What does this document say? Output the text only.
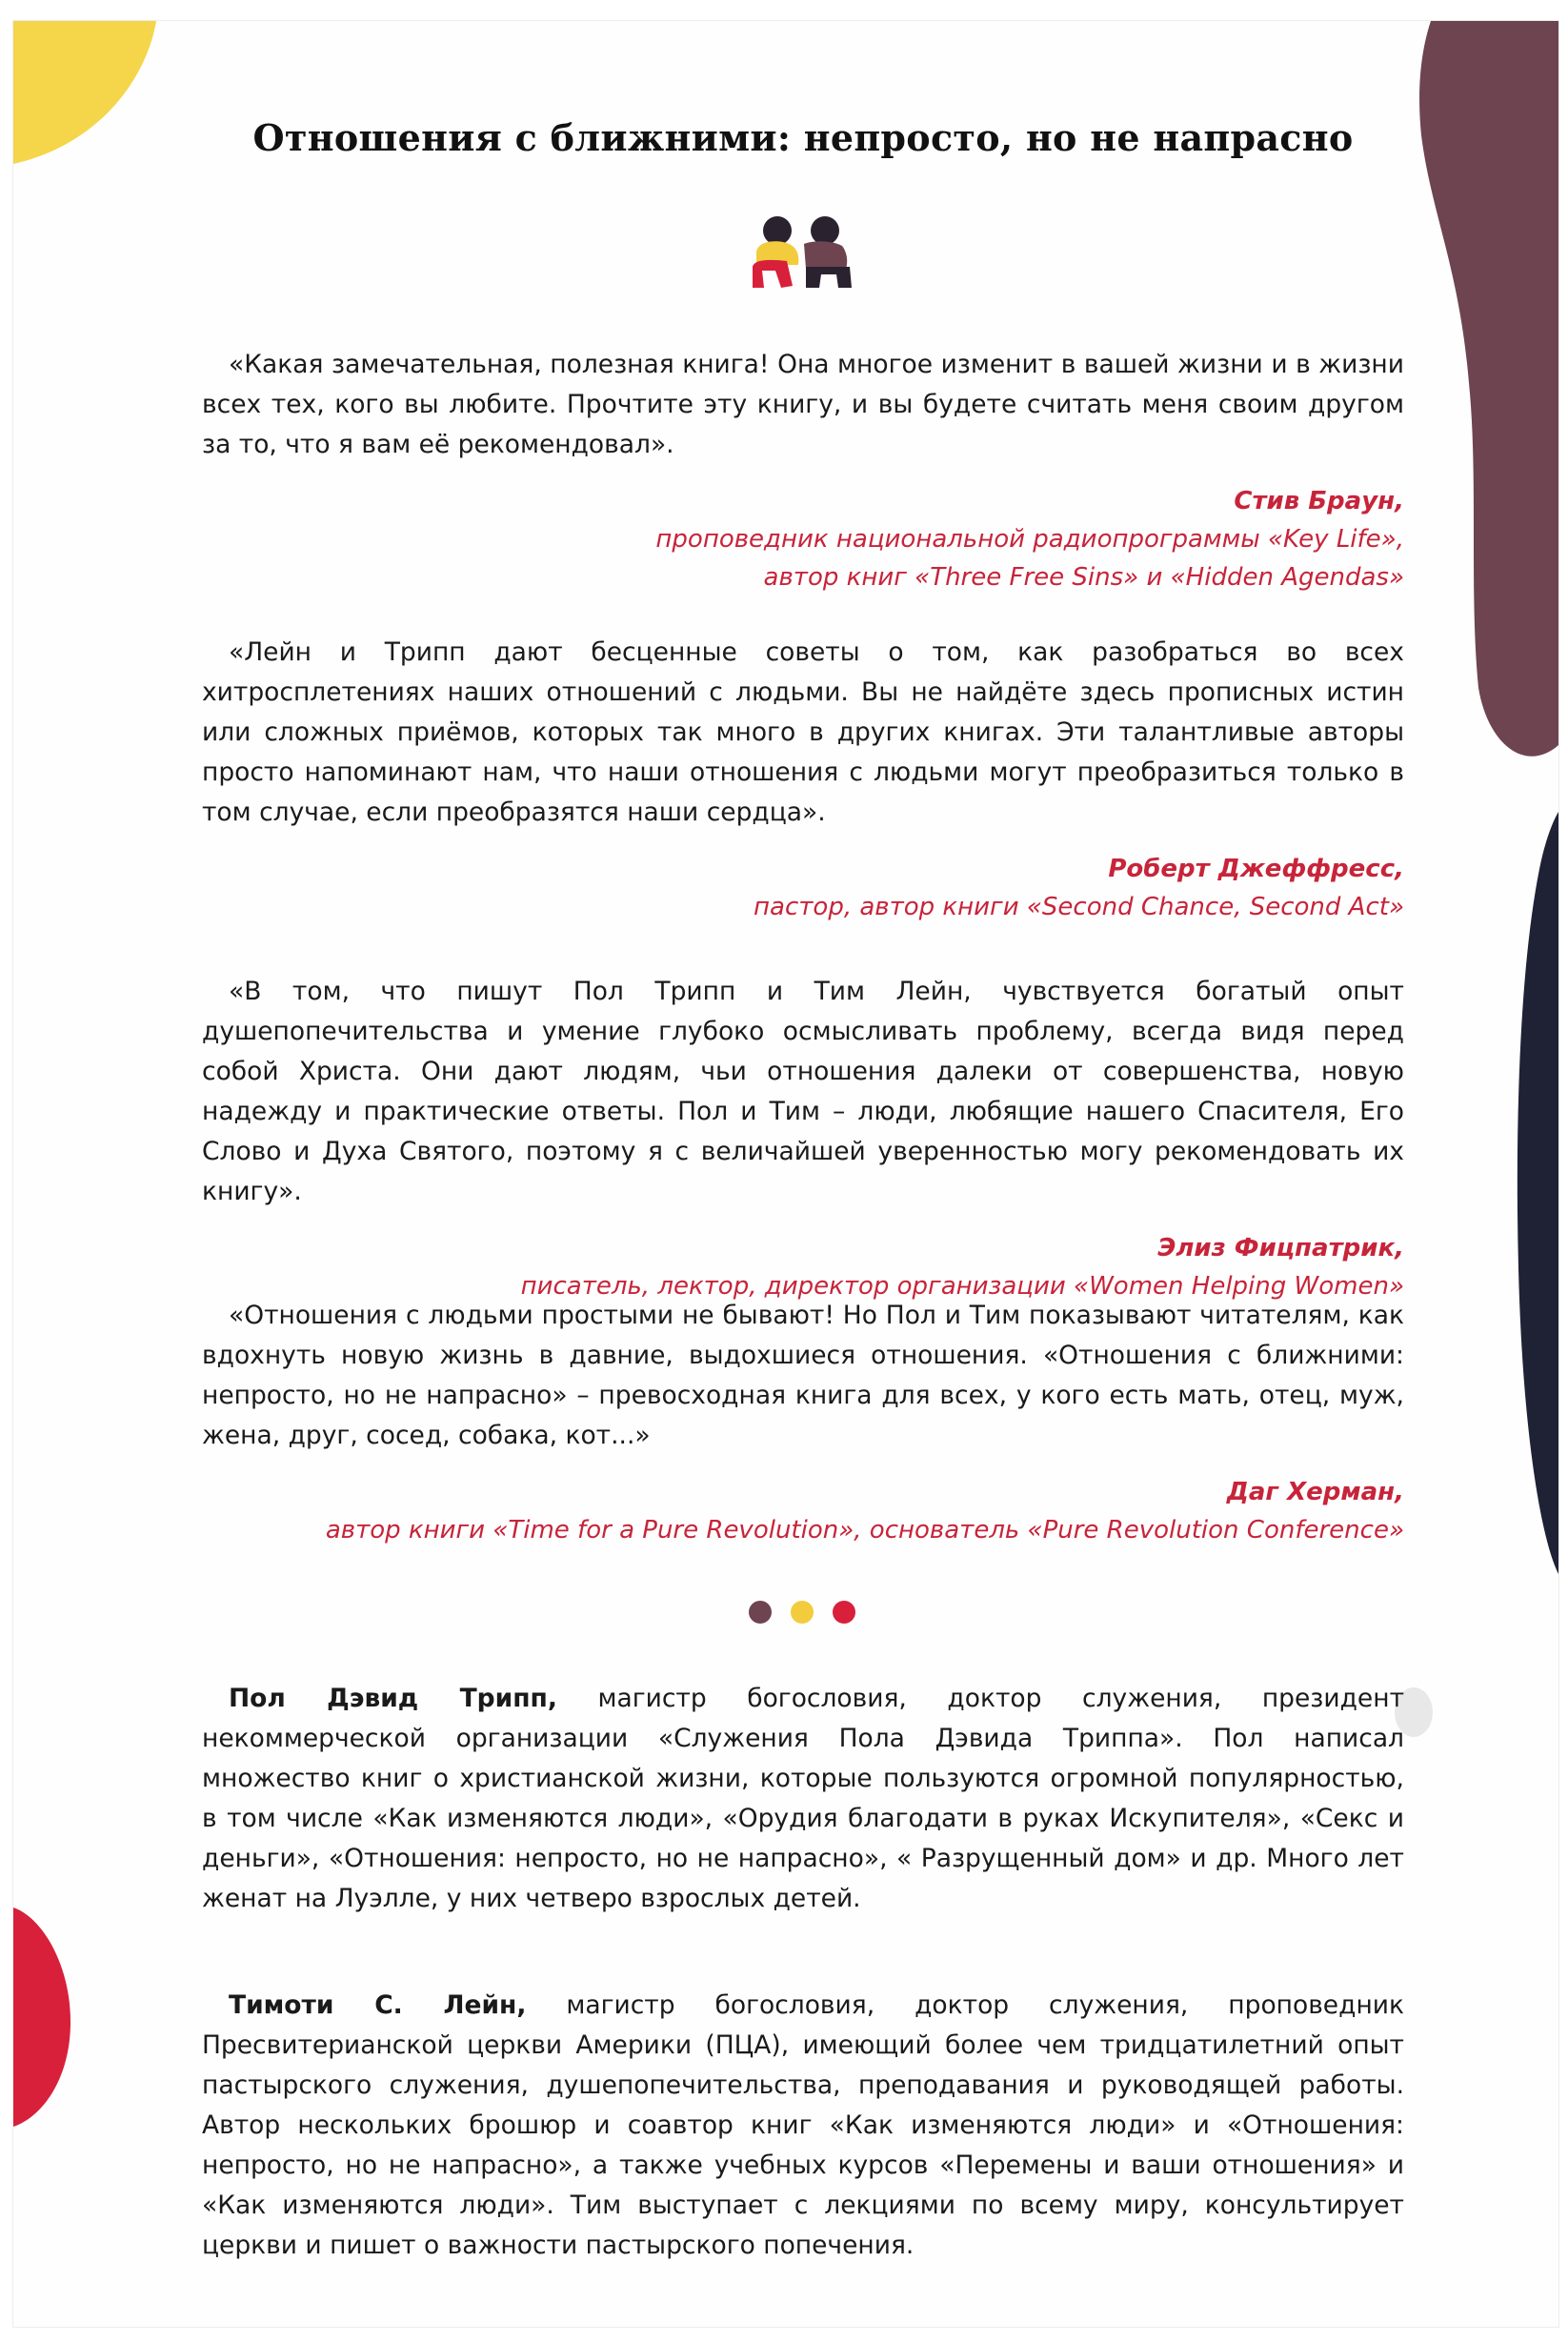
Отношения с ближними: непросто, но не напрасно

«Какая замечательная, полезная книга! Она многое изменит в вашей жизни и в жизни всех тех, кого вы любите. Прочтите эту книгу, и вы будете считать меня своим другом за то, что я вам её рекомендовал».

Стив Браун,
проповедник национальной радиопрограммы «Key Life»,
автор книг «Three Free Sins» и «Hidden Agendas»

«Лейн и Трипп дают бесценные советы о том, как разобраться во всех хитросплетениях наших отношений с людьми. Вы не найдёте здесь прописных истин или сложных приёмов, которых так много в других книгах. Эти талантливые авторы просто напоминают нам, что наши отношения с людьми могут преобразиться только в том случае, если преобразятся наши сердца».

Роберт Джеффресс,
пастор, автор книги «Second Chance, Second Act»

«В том, что пишут Пол Трипп и Тим Лейн, чувствуется богатый опыт душепопечительства и умение глубоко осмысливать проблему, всегда видя перед собой Христа. Они дают людям, чьи отношения далеки от совершенства, новую надежду и практические ответы. Пол и Тим – люди, любящие нашего Спасителя, Его Слово и Духа Святого, поэтому я с величайшей уверенностью могу рекомендовать их книгу».

Элиз Фицпатрик,
писатель, лектор, директор организации «Women Helping Women»

«Отношения с людьми простыми не бывают! Но Пол и Тим показывают читателям, как вдохнуть новую жизнь в давние, выдохшиеся отношения. «Отношения с ближними: непросто, но не напрасно» – превосходная книга для всех, у кого есть мать, отец, муж, жена, друг, сосед, собака, кот...»

Даг Херман,
автор книги «Time for a Pure Revolution», основатель «Pure Revolution Conference»

Пол Дэвид Трипп, магистр богословия, доктор служения, президент некоммерческой организации «Служения Пола Дэвида Триппа». Пол написал множество книг о христианской жизни, которые пользуются огромной популярностью, в том числе «Как изменяются люди», «Орудия благодати в руках Искупителя», «Секс и деньги», «Отношения: непросто, но не напрасно», « Разрущенный дом» и др. Много лет женат на Луэлле, у них четверо взрослых детей.

Тимоти С. Лейн, магистр богословия, доктор служения, проповедник Пресвитерианской церкви Америки (ПЦА), имеющий более чем тридцатилетний опыт пастырского служения, душепопечительства, преподавания и руководящей работы. Автор нескольких брошюр и соавтор книг «Как изменяются люди» и «Отношения: непросто, но не напрасно», а также учебных курсов «Перемены и ваши отношения» и «Как изменяются люди». Тим выступает с лекциями по всему миру, консультирует церкви и пишет о важности пастырского попечения.
